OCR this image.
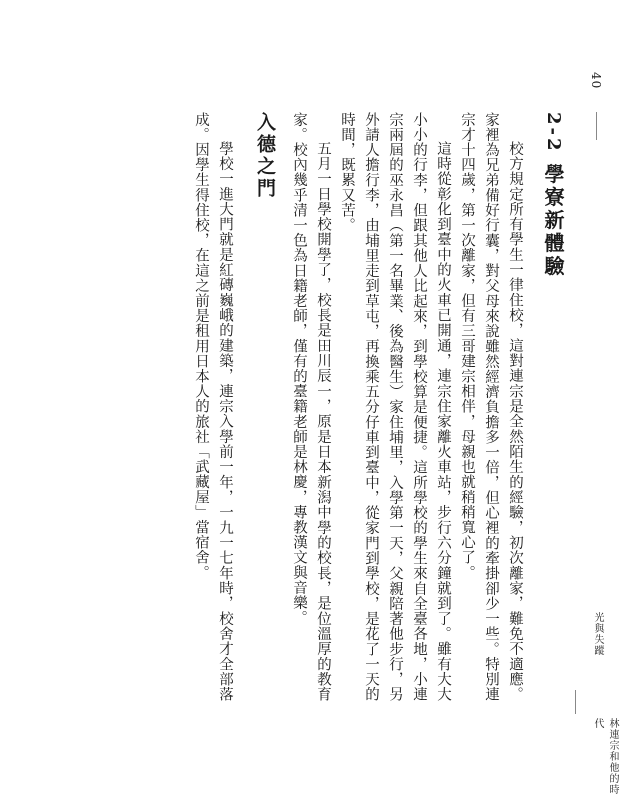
40
光與失蹤
林連宗和他的時代
2-2 學寮新體驗

校方規定所有學生一律住校，這對連宗是全然陌生的經驗，初次離家，難免不適應。家裡為兄弟備好行囊，對父母來說雖然經濟負擔多一倍，但心裡的牽掛卻少一些。特別連宗才十四歲，第一次離家，但有三哥建宗相伴，母親也就稍稍寬心了。

這時從彰化到臺中的火車已開通，連宗住家離火車站，步行六分鐘就到了。雖有大大小小的行李，但跟其他人比起來，到學校算是便捷。這所學校的學生來自全臺各地，小連宗兩屆的巫永昌（第一名畢業、後為醫生）家住埔里，入學第一天，父親陪著他步行，另外請人擔行李，由埔里走到草屯，再換乘五分仔車到臺中，從家門到學校，是花了一天的時間，既累又苦。

五月一日學校開學了，校長是田川辰一，原是日本新潟中學的校長，是位溫厚的教育家。校內幾乎清一色為日籍老師，僅有的臺籍老師是林慶，專教漢文與音樂。

入德之門

學校一進大門就是紅磚巍峨的建築，連宗入學前一年，一九一七年時，校舍才全部落成。因學生得住校，在這之前是租用日本人的旅社「武藏屋」當宿舍。
